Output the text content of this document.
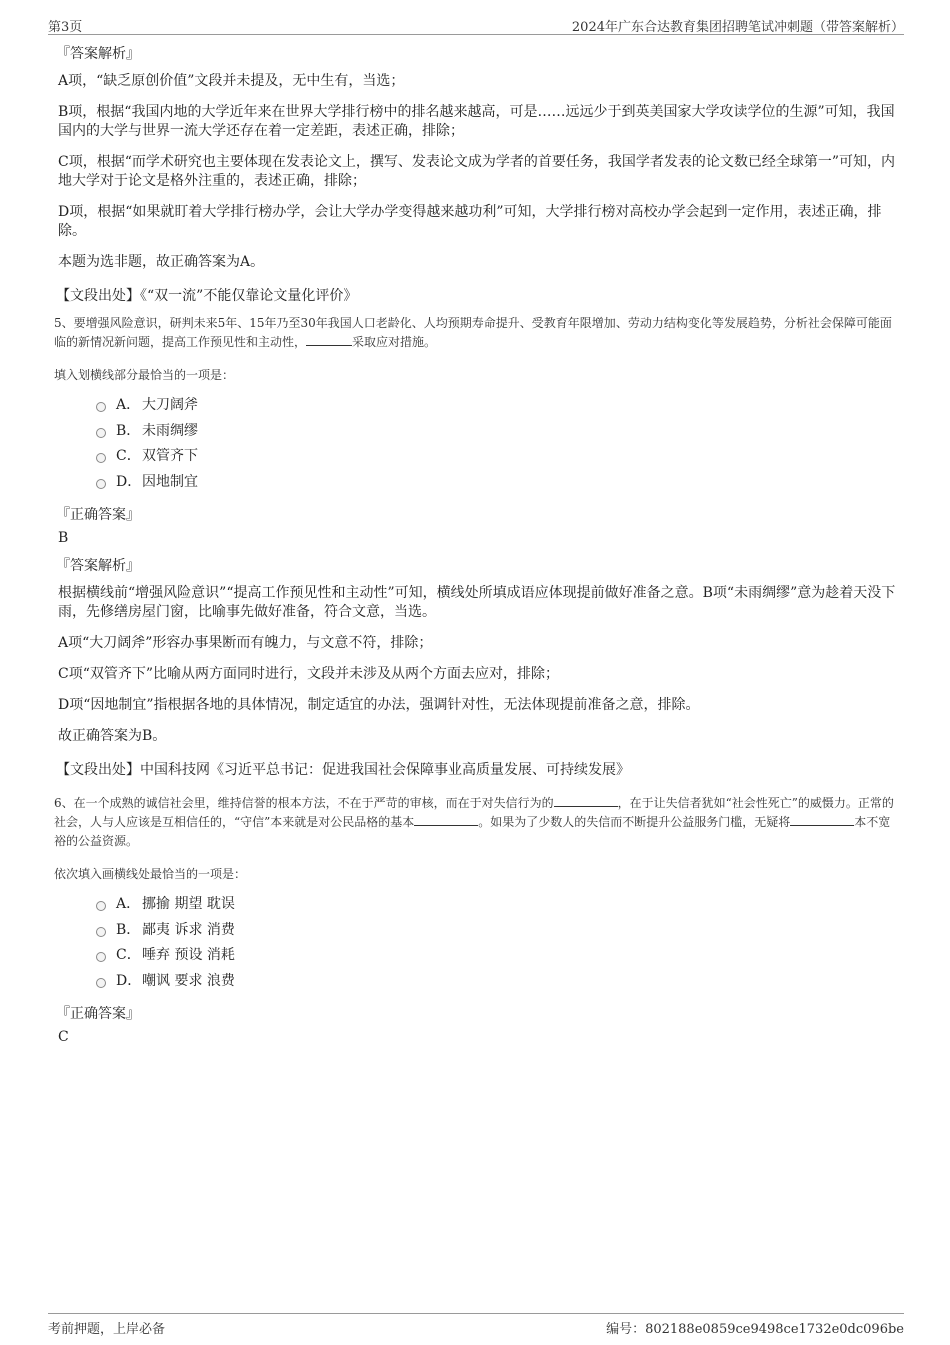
第3页	2024年广东合达教育集团招聘笔试冲刺题（带答案解析）
『答案解析』

A项，“缺乏原创价值”文段并未提及，无中生有，当选；

B项，根据“我国内地的大学近年来在世界大学排行榜中的排名越来越高，可是……远远少于到英美国家大学攻读学位的生源”可知，我国国内的大学与世界一流大学还存在着一定差距，表述正确，排除；

C项，根据“而学术研究也主要体现在发表论文上，撰写、发表论文成为学者的首要任务，我国学者发表的论文数已经全球第一”可知，内地大学对于论文是格外注重的，表述正确，排除；

D项，根据“如果就盯着大学排行榜办学，会让大学办学变得越来越功利”可知，大学排行榜对高校办学会起到一定作用，表述正确，排除。

本题为选非题，故正确答案为A。

【文段出处】《“双一流”不能仅靠论文量化评价》

5、要增强风险意识，研判未来5年、15年乃至30年我国人口老龄化、人均预期寿命提升、受教育年限增加、劳动力结构变化等发展趋势，分析社会保障可能面临的新情况新问题，提高工作预见性和主动性，	采取应对措施。

填入划横线部分最恰当的一项是：

A． 大刀阔斧
B． 未雨绸缪
C．双管齐下
D．因地制宜
『正确答案』
B
『答案解析』

根据横线前“增强风险意识”“提高工作预见性和主动性”可知，横线处所填成语应体现提前做好准备之意。B项“未雨绸缪”意为趁着天没下雨，先修缮房屋门窗，比喻事先做好准备，符合文意，当选。

A项“大刀阔斧”形容办事果断而有魄力，与文意不符，排除；

C项“双管齐下”比喻从两方面同时进行，文段并未涉及从两个方面去应对，排除；

D项“因地制宜”指根据各地的具体情况，制定适宜的办法，强调针对性，无法体现提前准备之意，排除。

故正确答案为B。

【文段出处】中国科技网《习近平总书记：促进我国社会保障事业高质量发展、可持续发展》

6、在一个成熟的诚信社会里，维持信誉的根本方法，不在于严苛的审核，而在于对失信行为的	，在于让失信者犹如“社会性死亡”的威慑力。正常的社会，人与人应该是互相信任的，“守信”本来就是对公民品格的基本	。如果为了少数人的失信而不断提升公益服务门槛，无疑将	本不宽裕的公益资源。

依次填入画横线处最恰当的一项是：

A． 挪揄 期望 耽误
B． 鄙夷 诉求 消费
C．唾弃 预设 消耗
D．嘲讽 要求 浪费
『正确答案』
C
考前押题，上岸必备	编号：802188e0859ce9498ce1732e0dc096be
